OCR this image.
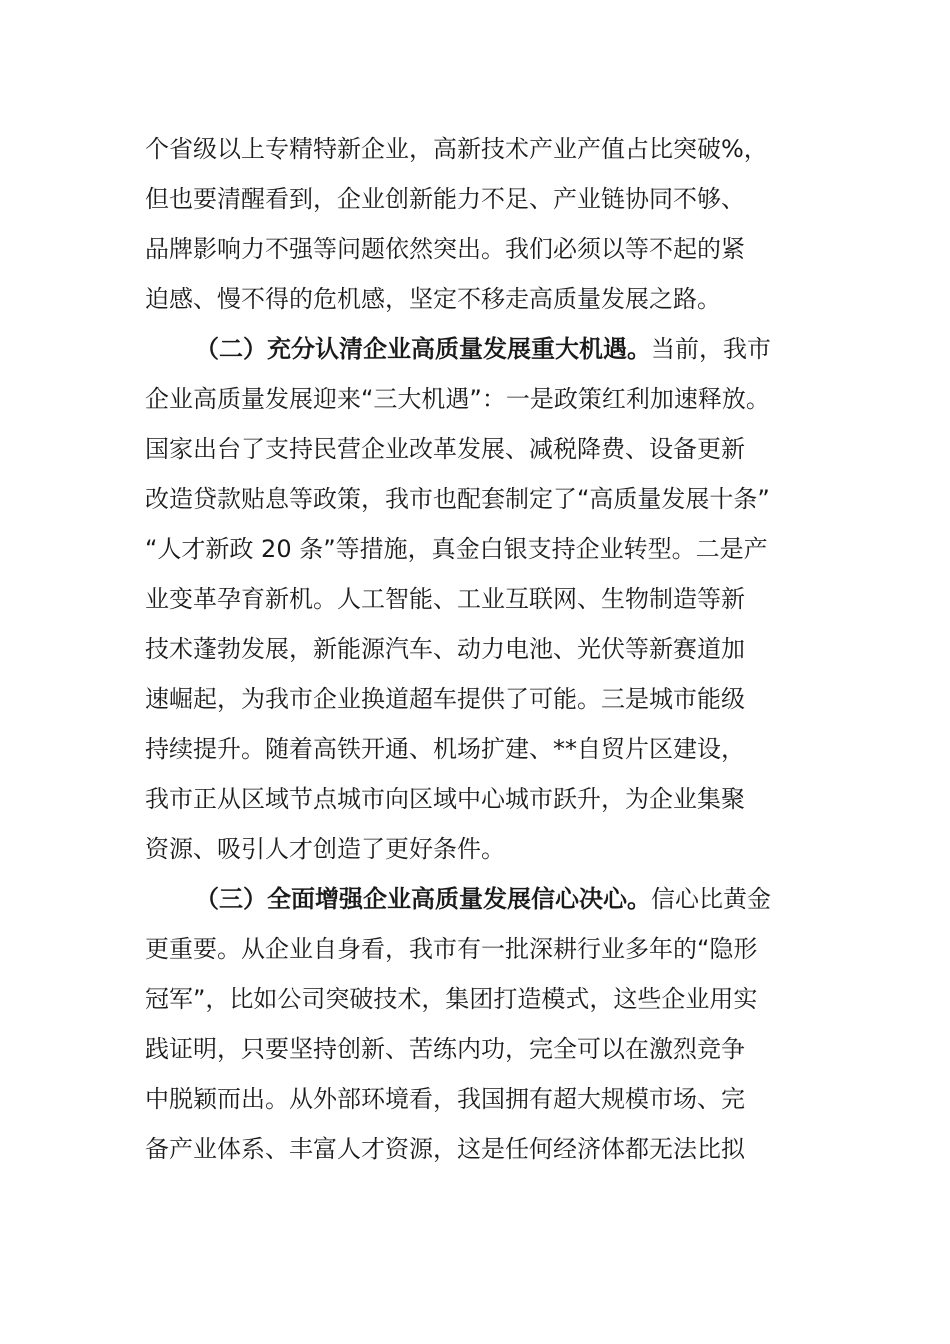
个省级以上专精特新企业，高新技术产业产值占比突破%，
但也要清醒看到，企业创新能力不足、产业链协同不够、
品牌影响力不强等问题依然突出。我们必须以等不起的紧
迫感、慢不得的危机感，坚定不移走高质量发展之路。

（二）充分认清企业高质量发展重大机遇。当前，我市
企业高质量发展迎来“三大机遇”：一是政策红利加速释放。
国家出台了支持民营企业改革发展、减税降费、设备更新
改造贷款贴息等政策，我市也配套制定了“高质量发展十条”
“人才新政 20 条”等措施，真金白银支持企业转型。二是产
业变革孕育新机。人工智能、工业互联网、生物制造等新
技术蓬勃发展，新能源汽车、动力电池、光伏等新赛道加
速崛起，为我市企业换道超车提供了可能。三是城市能级
持续提升。随着高铁开通、机场扩建、**自贸片区建设，
我市正从区域节点城市向区域中心城市跃升，为企业集聚
资源、吸引人才创造了更好条件。

（三）全面增强企业高质量发展信心决心。信心比黄金
更重要。从企业自身看，我市有一批深耕行业多年的“隐形
冠军”，比如公司突破技术，集团打造模式，这些企业用实
践证明，只要坚持创新、苦练内功，完全可以在激烈竞争
中脱颖而出。从外部环境看，我国拥有超大规模市场、完
备产业体系、丰富人才资源，这是任何经济体都无法比拟
